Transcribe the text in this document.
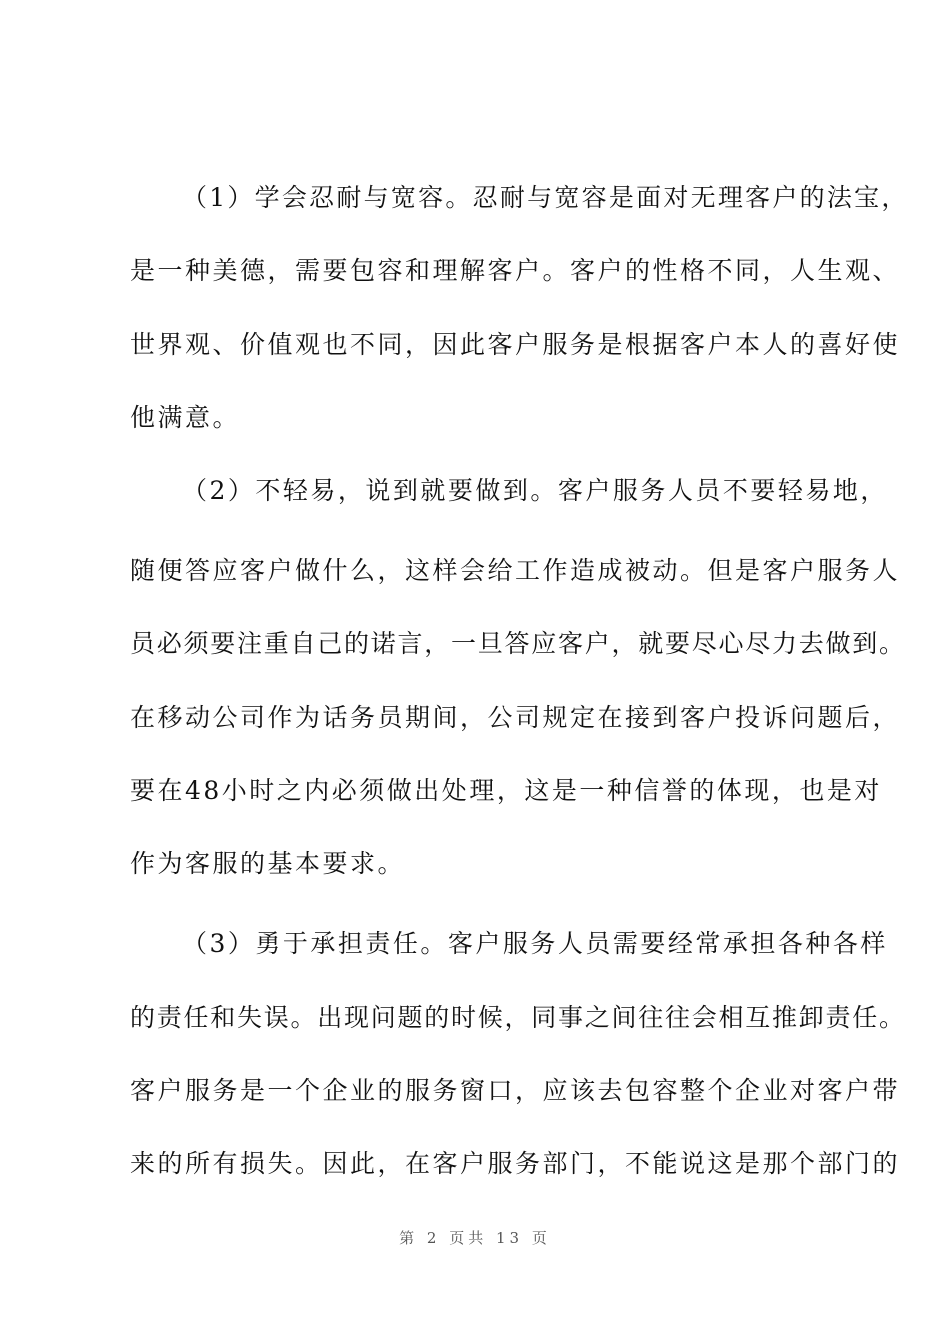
（1）学会忍耐与宽容。忍耐与宽容是面对无理客户的法宝，
是一种美德，需要包容和理解客户。客户的性格不同，人生观、
世界观、价值观也不同，因此客户服务是根据客户本人的喜好使
他满意。
（2）不轻易，说到就要做到。客户服务人员不要轻易地，
随便答应客户做什么，这样会给工作造成被动。但是客户服务人
员必须要注重自己的诺言，一旦答应客户，就要尽心尽力去做到。
在移动公司作为话务员期间，公司规定在接到客户投诉问题后，
要在48小时之内必须做出处理，这是一种信誉的体现，也是对
作为客服的基本要求。
（3）勇于承担责任。客户服务人员需要经常承担各种各样
的责任和失误。出现问题的时候，同事之间往往会相互推卸责任。
客户服务是一个企业的服务窗口，应该去包容整个企业对客户带
来的所有损失。因此，在客户服务部门，不能说这是那个部门的
第 2 页共 13 页
